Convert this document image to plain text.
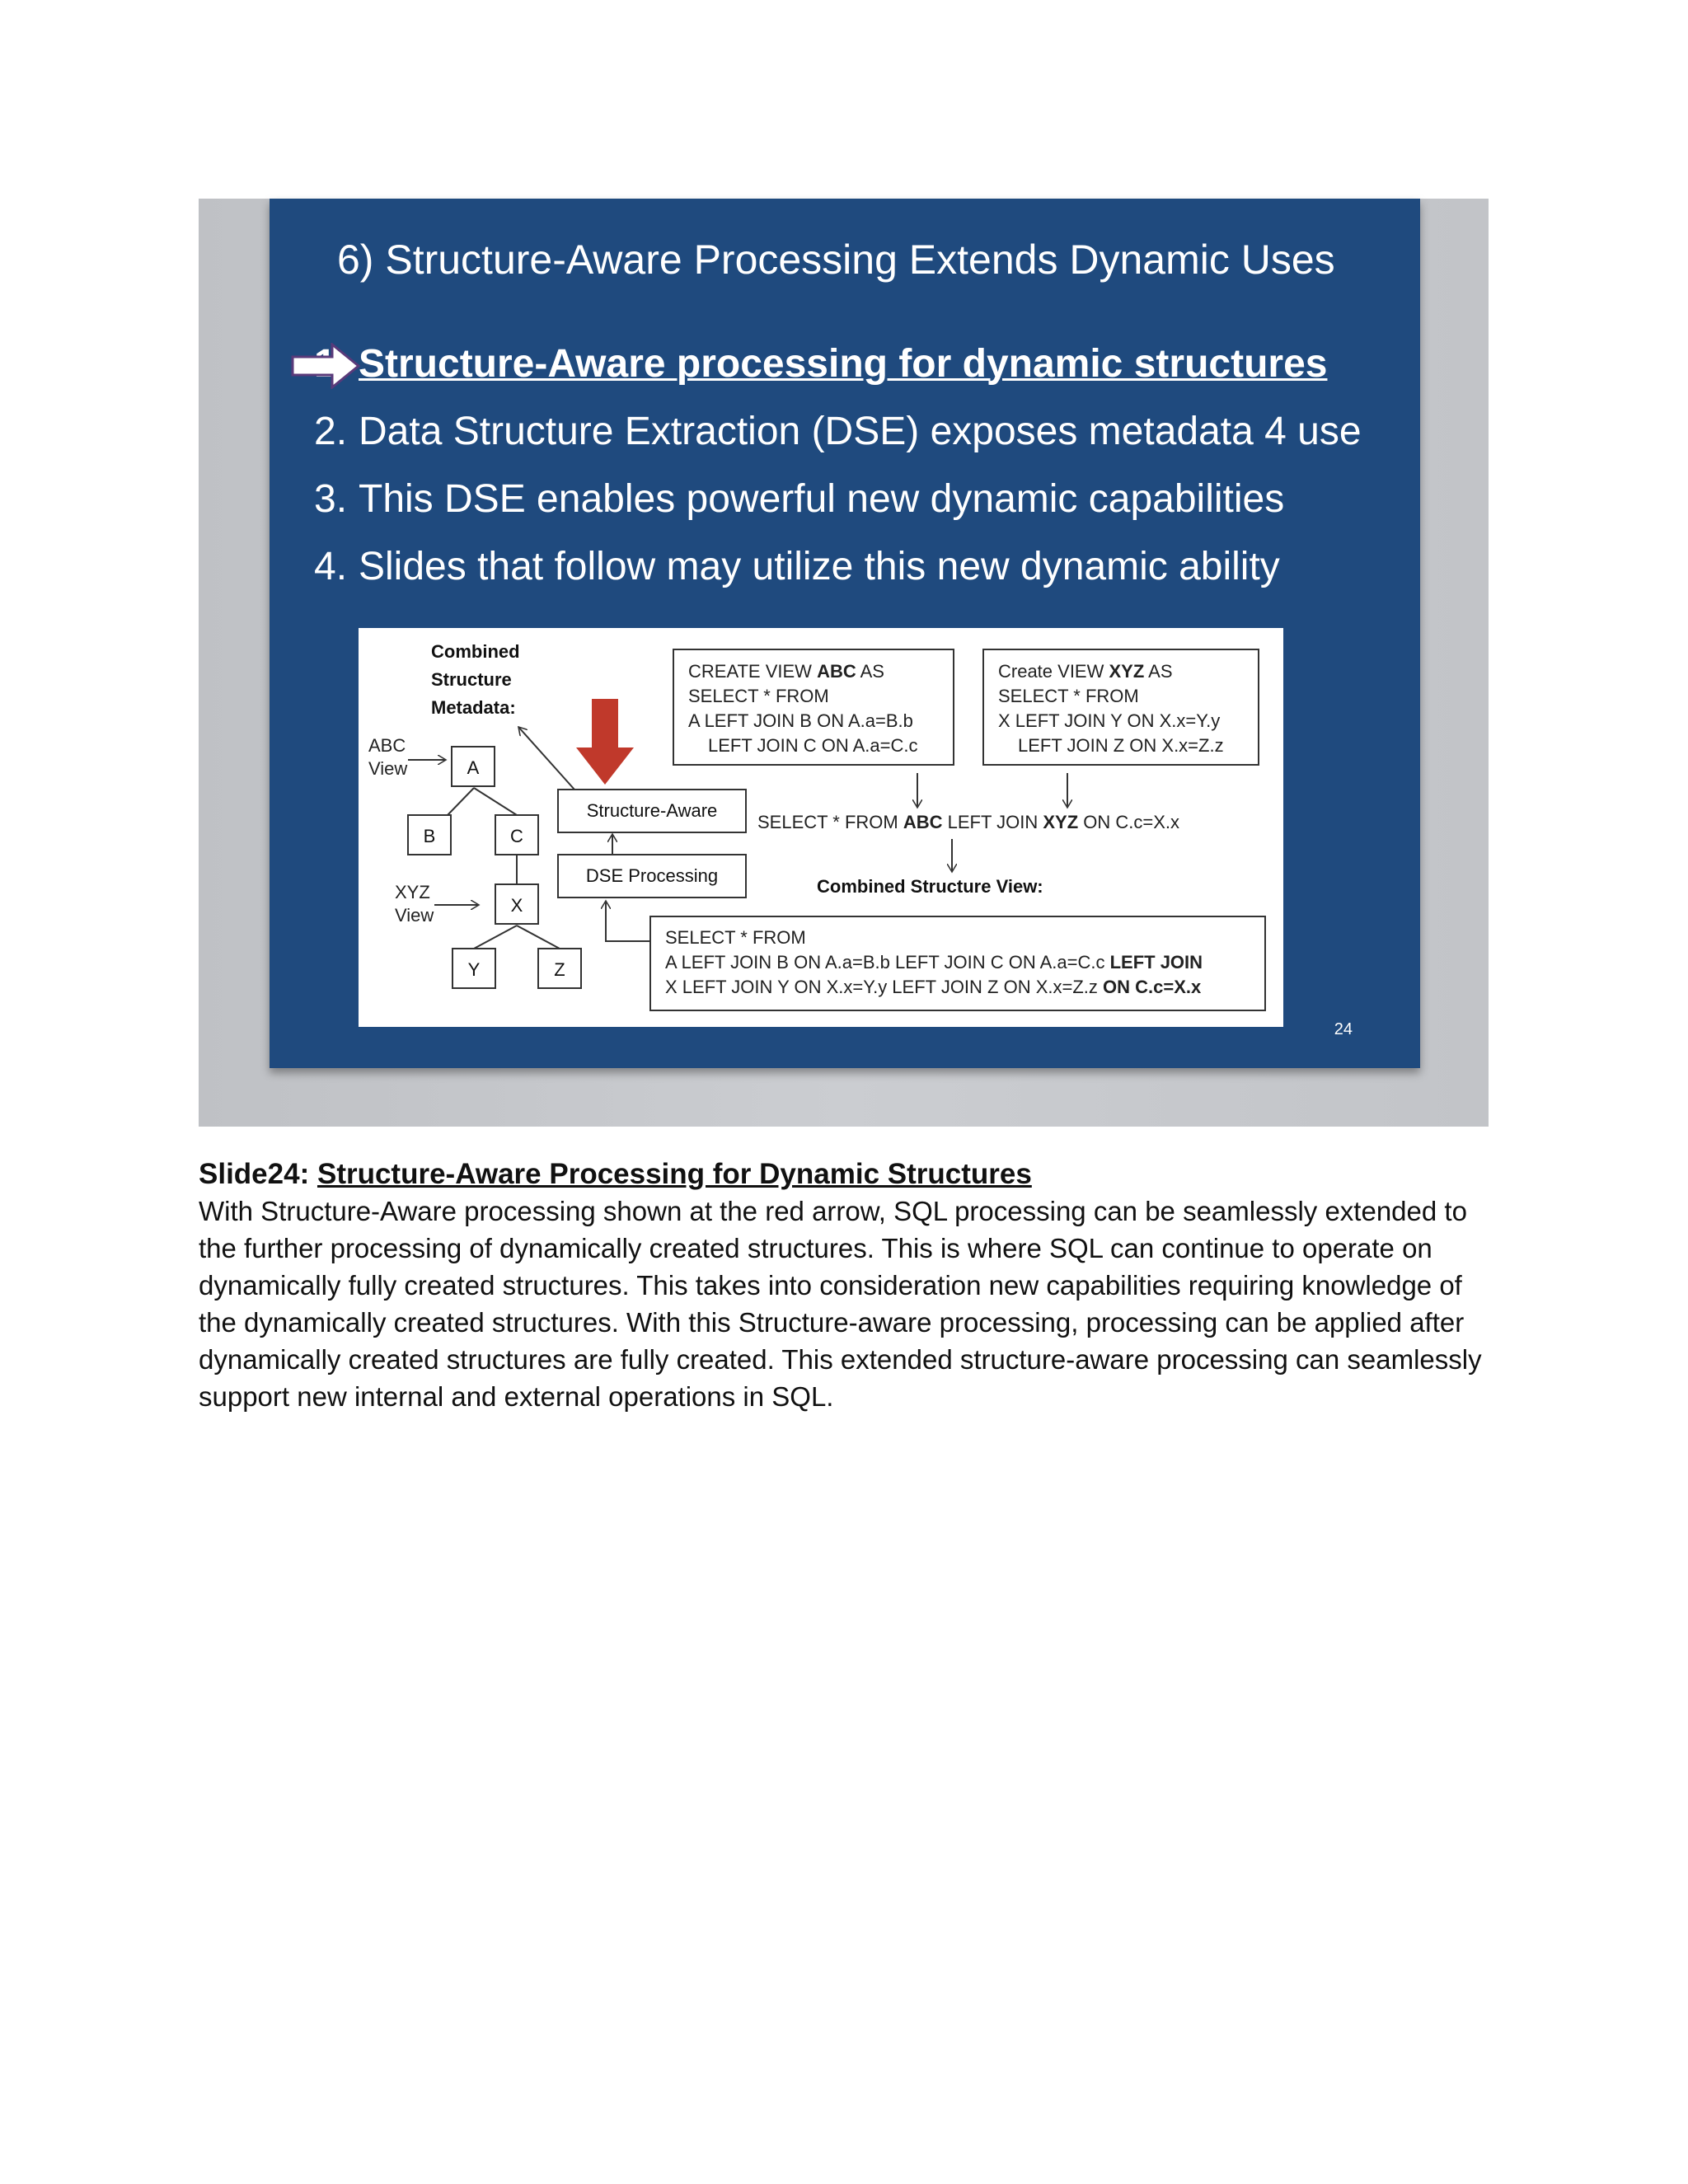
6) Structure-Aware Processing Extends Dynamic Uses
Structure-Aware processing for dynamic structures
2. Data Structure Extraction (DSE) exposes metadata 4 use
3. This DSE enables powerful new dynamic capabilities
4. Slides that follow may utilize this new dynamic ability
Combined Structure Metadata:
ABC View	A
B	C
XYZ View	X
Y	Z
Structure-Aware
DSE Processing
CREATE VIEW ABC AS
SELECT * FROM
A LEFT JOIN B ON A.a=B.b
LEFT JOIN C ON A.a=C.c
Create VIEW XYZ AS
SELECT * FROM
X LEFT JOIN Y ON X.x=Y.y
LEFT JOIN Z ON X.x=Z.z
SELECT * FROM ABC LEFT JOIN XYZ ON C.c=X.x
Combined Structure View:
SELECT * FROM
A LEFT JOIN B ON A.a=B.b LEFT JOIN C ON A.a=C.c LEFT JOIN
X LEFT JOIN Y ON X.x=Y.y LEFT JOIN Z ON X.x=Z.z ON C.c=X.x
24

Slide24: Structure-Aware Processing for Dynamic Structures

With Structure-Aware processing shown at the red arrow, SQL processing can be seamlessly extended to the further processing of dynamically created structures. This is where SQL can continue to operate on dynamically fully created structures. This takes into consideration new capabilities requiring knowledge of the dynamically created structures. With this Structure-aware processing, processing can be applied after dynamically created structures are fully created. This extended structure-aware processing can seamlessly support new internal and external operations in SQL.
